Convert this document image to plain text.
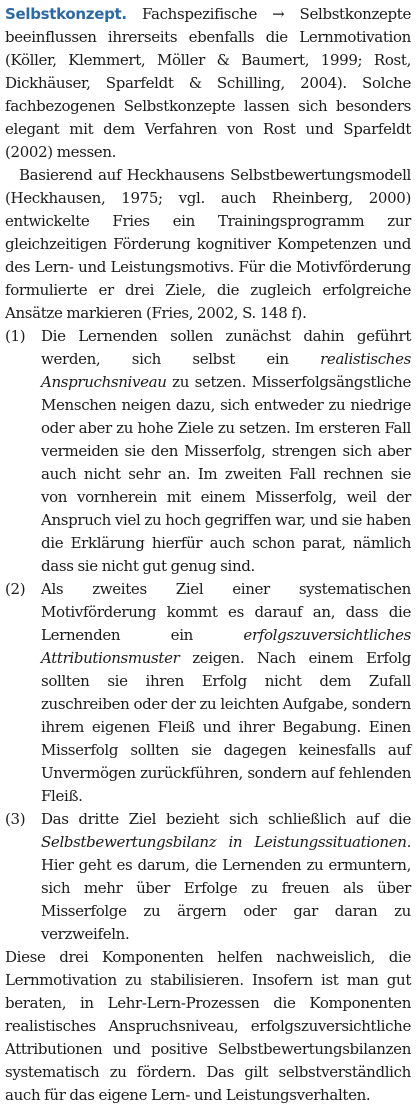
Selbstkonzept. Fachspezifische → Selbstkonzepte beeinflussen ihrerseits ebenfalls die Lernmotivation (Köller, Klemmert, Möller & Baumert, 1999; Rost, Dickhäuser, Sparfeldt & Schilling, 2004). Solche fachbezogenen Selbstkonzepte lassen sich besonders elegant mit dem Verfahren von Rost und Sparfeldt (2002) messen.

Basierend auf Heckhausens Selbstbewertungsmodell (Heckhausen, 1975; vgl. auch Rheinberg, 2000) entwickelte Fries ein Trainingsprogramm zur gleichzeitigen Förderung kognitiver Kompetenzen und des Lern- und Leistungsmotivs. Für die Motivförderung formulierte er drei Ziele, die zugleich erfolgreiche Ansätze markieren (Fries, 2002, S. 148 f).

(1) Die Lernenden sollen zunächst dahin geführt werden, sich selbst ein realistisches Anspruchsniveau zu setzen. Misserfolgsängstliche Menschen neigen dazu, sich entweder zu niedrige oder aber zu hohe Ziele zu setzen. Im ersteren Fall vermeiden sie den Misserfolg, strengen sich aber auch nicht sehr an. Im zweiten Fall rechnen sie von vornherein mit einem Misserfolg, weil der Anspruch viel zu hoch gegriffen war, und sie haben die Erklärung hierfür auch schon parat, nämlich dass sie nicht gut genug sind.
(2) Als zweites Ziel einer systematischen Motivförderung kommt es darauf an, dass die Lernenden ein erfolgszuversichtliches Attributionsmuster zeigen. Nach einem Erfolg sollten sie ihren Erfolg nicht dem Zufall zuschreiben oder der zu leichten Aufgabe, sondern ihrem eigenen Fleiß und ihrer Begabung. Einen Misserfolg sollten sie dagegen keinesfalls auf Unvermögen zurückführen, sondern auf fehlenden Fleiß.
(3) Das dritte Ziel bezieht sich schließlich auf die Selbstbewertungsbilanz in Leistungssituationen. Hier geht es darum, die Lernenden zu ermuntern, sich mehr über Erfolge zu freuen als über Misserfolge zu ärgern oder gar daran zu verzweifeln.

Diese drei Komponenten helfen nachweislich, die Lernmotivation zu stabilisieren. Insofern ist man gut beraten, in Lehr-Lern-Prozessen die Komponenten realistisches Anspruchsniveau, erfolgszuversichtliche Attributionen und positive Selbstbewertungsbilanzen systematisch zu fördern. Das gilt selbstverständlich auch für das eigene Lern- und Leistungsverhalten.
